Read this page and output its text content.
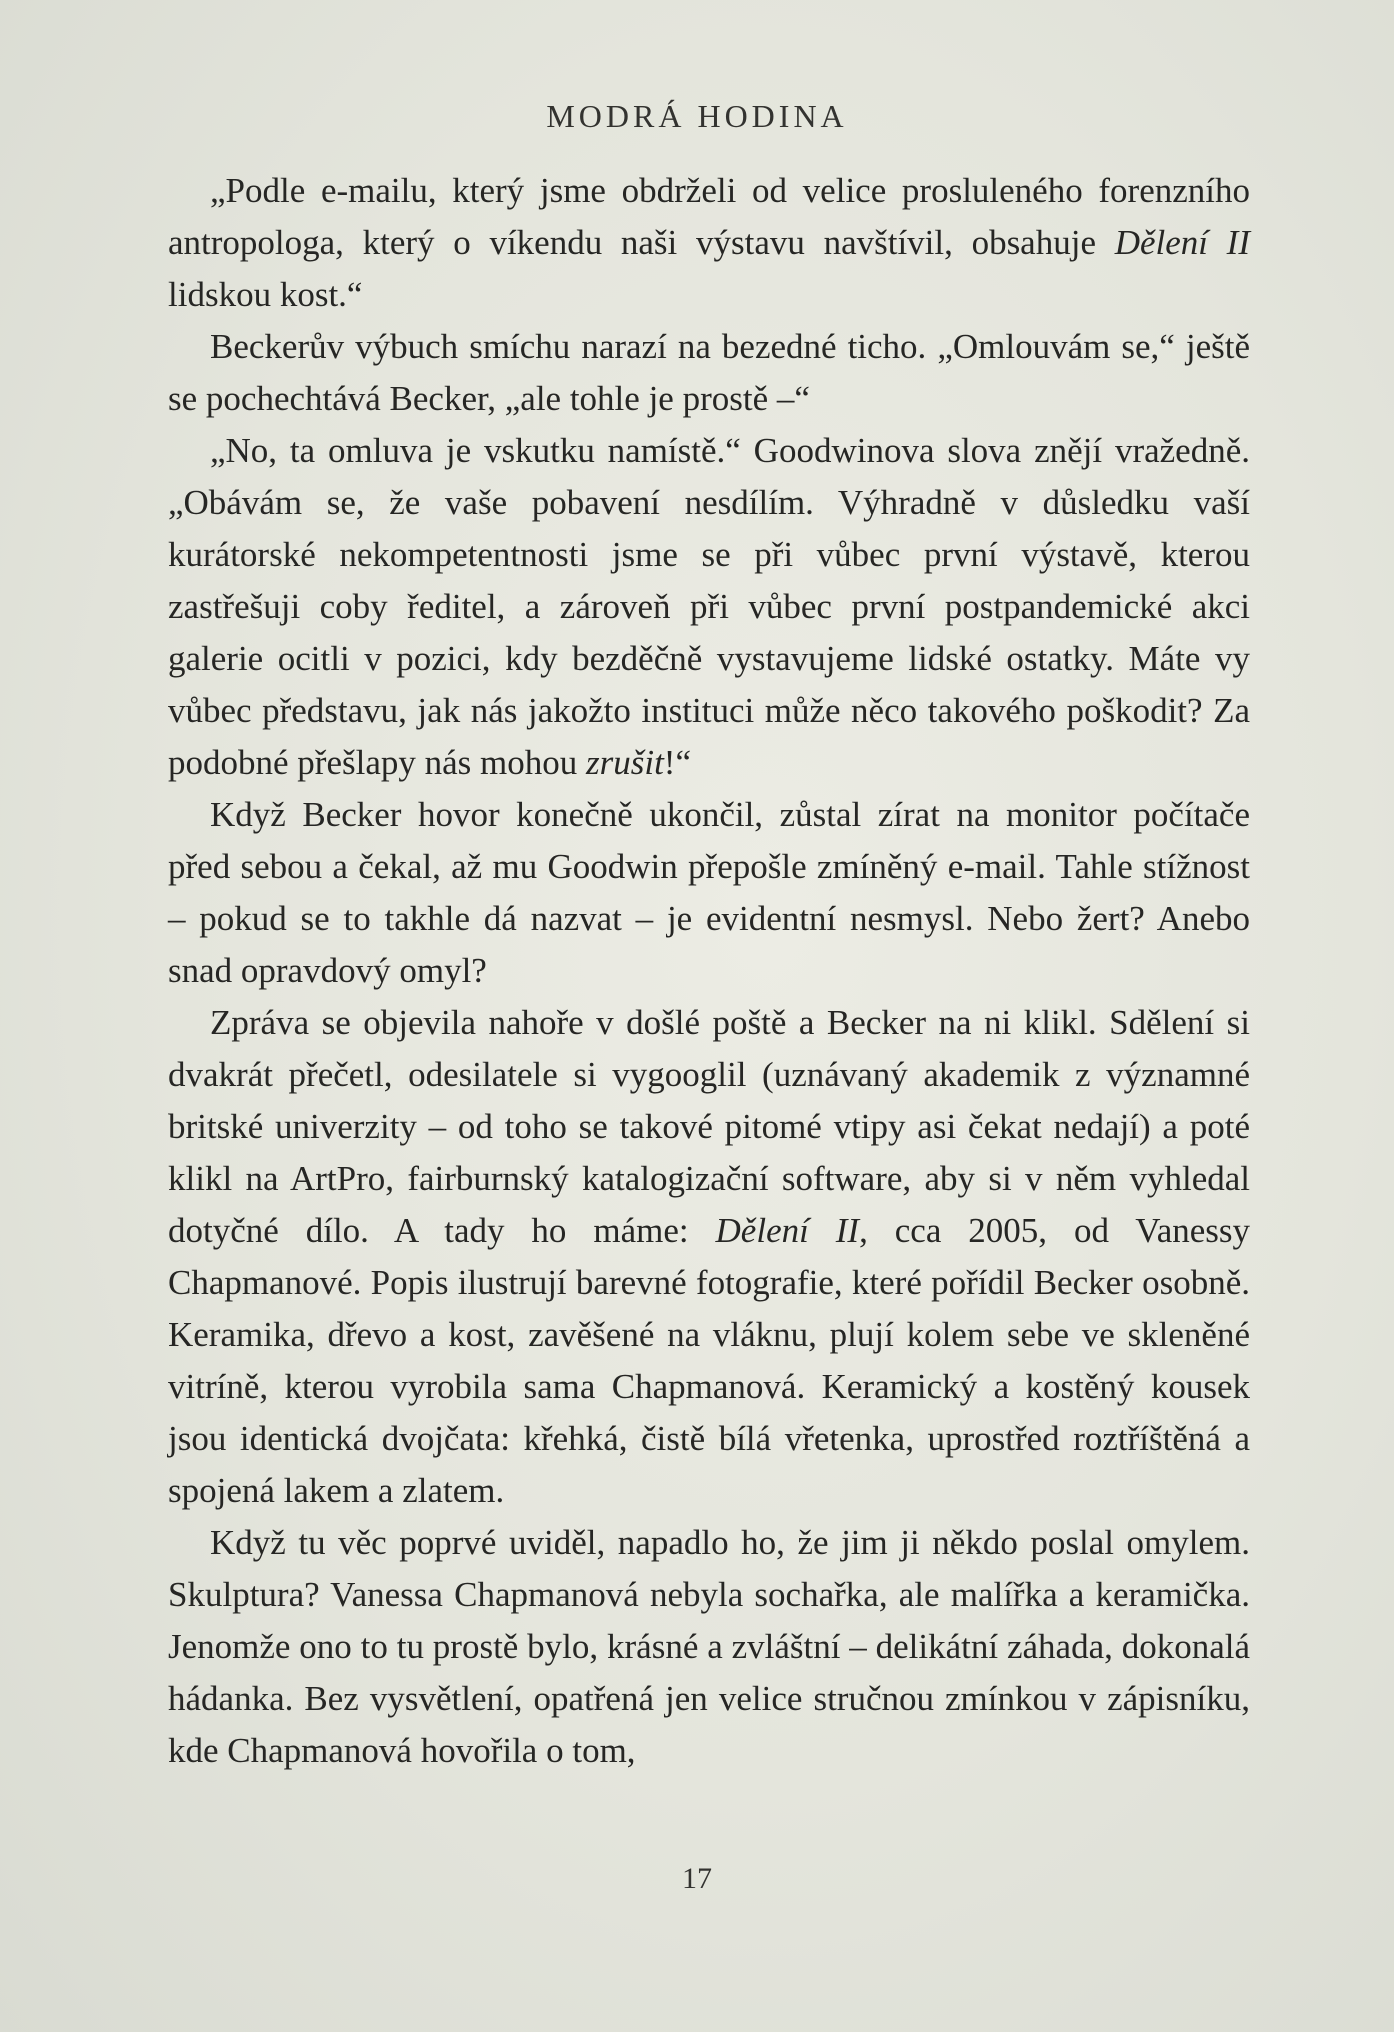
MODRÁ HODINA

„Podle e-mailu, který jsme obdrželi od velice prosluleného forenzního antropologa, který o víkendu naši výstavu navštívil, obsahuje Dělení II lidskou kost.“

Beckerův výbuch smíchu narazí na bezedné ticho. „Omlouvám se,“ ještě se pochechtává Becker, „ale tohle je prostě –“

„No, ta omluva je vskutku namístě.“ Goodwinova slova znějí vražedně. „Obávám se, že vaše pobavení nesdílím. Výhradně v důsledku vaší kurátorské nekompetentnosti jsme se při vůbec první výstavě, kterou zastřešuji coby ředitel, a zároveň při vůbec první postpandemické akci galerie ocitli v pozici, kdy bezděčně vystavujeme lidské ostatky. Máte vy vůbec představu, jak nás jakožto instituci může něco takového poškodit? Za podobné přešlapy nás mohou zrušit!“

Když Becker hovor konečně ukončil, zůstal zírat na monitor počítače před sebou a čekal, až mu Goodwin přepošle zmíněný e-mail. Tahle stížnost – pokud se to takhle dá nazvat – je evidentní nesmysl. Nebo žert? Anebo snad opravdový omyl?

Zpráva se objevila nahoře v došlé poště a Becker na ni klikl. Sdělení si dvakrát přečetl, odesilatele si vygooglil (uznávaný akademik z významné britské univerzity – od toho se takové pitomé vtipy asi čekat nedají) a poté klikl na ArtPro, fairburnský katalogizační software, aby si v něm vyhledal dotyčné dílo. A tady ho máme: Dělení II, cca 2005, od Vanessy Chapmanové. Popis ilustrují barevné fotografie, které pořídil Becker osobně. Keramika, dřevo a kost, zavěšené na vláknu, plují kolem sebe ve skleněné vitríně, kterou vyrobila sama Chapmanová. Keramický a kostěný kousek jsou identická dvojčata: křehká, čistě bílá vřetenka, uprostřed roztříštěná a spojená lakem a zlatem.

Když tu věc poprvé uviděl, napadlo ho, že jim ji někdo poslal omylem. Skulptura? Vanessa Chapmanová nebyla sochařka, ale malířka a keramička. Jenomže ono to tu prostě bylo, krásné a zvláštní – delikátní záhada, dokonalá hádanka. Bez vysvětlení, opatřená jen velice stručnou zmínkou v zápisníku, kde Chapmanová hovořila o tom,

17
